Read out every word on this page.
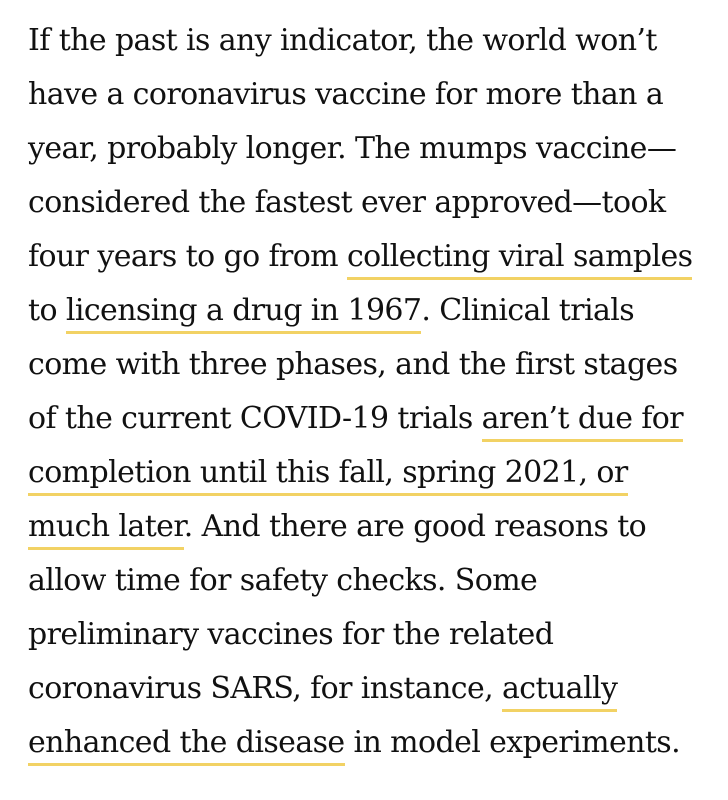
If the past is any indicator, the world won’t
have a coronavirus vaccine for more than a
year, probably longer. The mumps vaccine—
considered the fastest ever approved—took
four years to go from collecting viral samples
to licensing a drug in 1967. Clinical trials
come with three phases, and the first stages
of the current COVID-19 trials aren’t due for
completion until this fall, spring 2021, or
much later. And there are good reasons to
allow time for safety checks. Some
preliminary vaccines for the related
coronavirus SARS, for instance, actually
enhanced the disease in model experiments.
